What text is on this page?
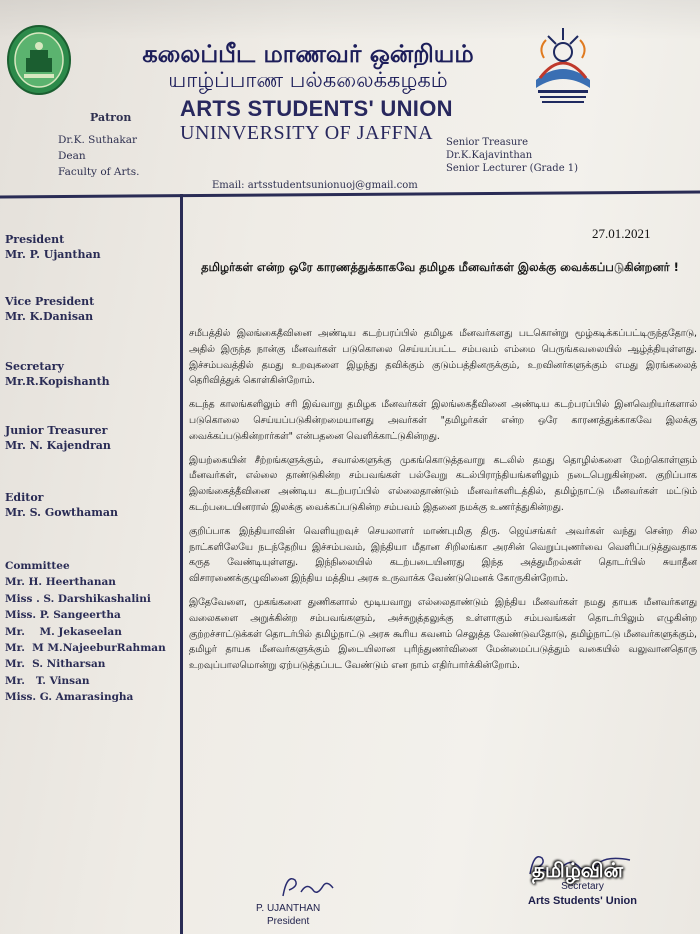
கலைப்பீட மாணவர் ஒன்றியம்
யாழ்ப்பாண பல்கலைக்கழகம்
ARTS STUDENTS' UNION
UNINVERSITY OF JAFFNA
Patron
Dr.K. Suthakar
Dean
Faculty of Arts.
Senior Treasure
Dr.K.Kajavinthan
Senior Lecturer (Grade 1)
Email: artsstudentsunionuoj@gmail.com
President
Mr. P. Ujanthan
Vice President
Mr. K.Danisan
Secretary
Mr.R.Kopishanth
Junior Treasurer
Mr. N. Kajendran
Editor
Mr. S. Gowthaman
Committee
Mr. H. Heerthanan
Miss . S. Darshikashalini
Miss. P. Sangeertha
Mr.    M. Jekaseelan
Mr.  M M.NajeeburRahman
Mr.  S. Nitharsan
Mr.   T. Vinsan
Miss. G. Amarasingha
27.01.2021
தமிழர்கள் என்ற ஒரே காரணத்துக்காகவே தமிழக மீனவர்கள் இலக்கு வைக்கப்படுகின்றனர் !

சமீபத்தில் இலங்கைதீவினை அண்டிய கடற்பரப்பில் தமிழக மீனவர்களது படகொன்று மூழ்கடிக்கப்பட்டிருந்ததோடு, அதில் இருந்த நான்கு மீனவர்கள் படுகொலை செய்யப்பட்ட சம்பவம் எம்மை பெருங்கவலையில் ஆழ்த்தியுள்ளது. இச்சம்பவத்தில் தமது உறவுகளை இழந்து தவிக்கும் குடும்பத்தினருக்கும், உறவினர்களுக்கும் எமது இரங்கலைத் தெரிவித்துக் கொள்கின்றோம்.

கடந்த காலங்களிலும் சரி இவ்வாறு தமிழக மீனவர்கள் இலங்கைதீவினை அண்டிய கடற்பரப்பில் இனவெறியர்களால் படுகொலை செய்யப்படுகின்றமையானது அவர்கள் "தமிழர்கள் என்ற ஒரே காரணத்துக்காகவே இலக்கு வைக்கப்படுகின்றார்கள்" என்பதனை வெளிக்காட்டுகின்றது.

இயற்கையின் சீற்றங்களுக்கும், சவால்களுக்கு முகங்கொடுத்தவாறு கடலில் தமது தொழில்களை மேற்கொள்ளும் மீனவர்கள், எல்லை தாண்டுகின்ற சம்பவங்கள் பல்வேறு கடல்பிராந்தியங்களிலும் நடைபெறுகின்றன. குறிப்பாக இலங்கைத்தீவினை அண்டிய கடற்பரப்பில் எல்லைதாண்டும் மீனவர்களிடத்தில், தமிழ்நாட்டு மீனவர்கள் மட்டும் கடற்படையினரால் இலக்கு வைக்கப்படுகின்ற சம்பவம் இதனை நமக்கு உணர்த்துகின்றது.

குறிப்பாக இந்தியாவின் வெளியுறவுச் செயலாளர் மாண்புமிகு திரு. ஜெய்சங்கர் அவர்கள் வந்து சென்ற சில நாட்களிலேயே நடந்தேறிய இச்சம்பவம், இந்தியா மீதான சிறிலங்கா அரசின் வெறுப்புணர்வை வெளிப்படுத்துவதாக கருத வேண்டியுள்ளது. இந்நிலையில் கடற்படையினரது இந்த அத்துமீறல்கள் தொடர்பில் சுயாதீன விசாரணைக்குழுவினை இந்திய மத்திய அரசு உருவாக்க வேண்டுமெனக் கோருகின்றோம்.

இதேவேளை, முகங்களை துணிகளால் மூடியவாறு எல்லைதாண்டும் இந்திய மீனவர்கள் நமது தாயக மீனவர்களது வலைகளை அறுக்கின்ற சம்பவங்களும், அச்சுறுத்தலுக்கு உள்ளாகும் சம்பவங்கள் தொடர்பிலும் எழுகின்ற குற்றச்சாட்டுக்கள் தொடர்பில் தமிழ்நாட்டு அரசு கூரிய கவனம் செலுத்த வேண்டுவதோடு, தமிழ்நாட்டு மீனவர்களுக்கும், தமிழர் தாயக மீனவர்களுக்கும் இடையிலான புரிந்துணர்வினை மேன்மைப்படுத்தும் வகையில் வலுவானதொரு உறவுப்பாலமொன்று ஏற்படுத்தப்பட வேண்டும் என நாம் எதிர்பார்க்கின்றோம்.

P. UJANTHAN
President
Secretary
Arts Students' Union
தமிழ்வின்
